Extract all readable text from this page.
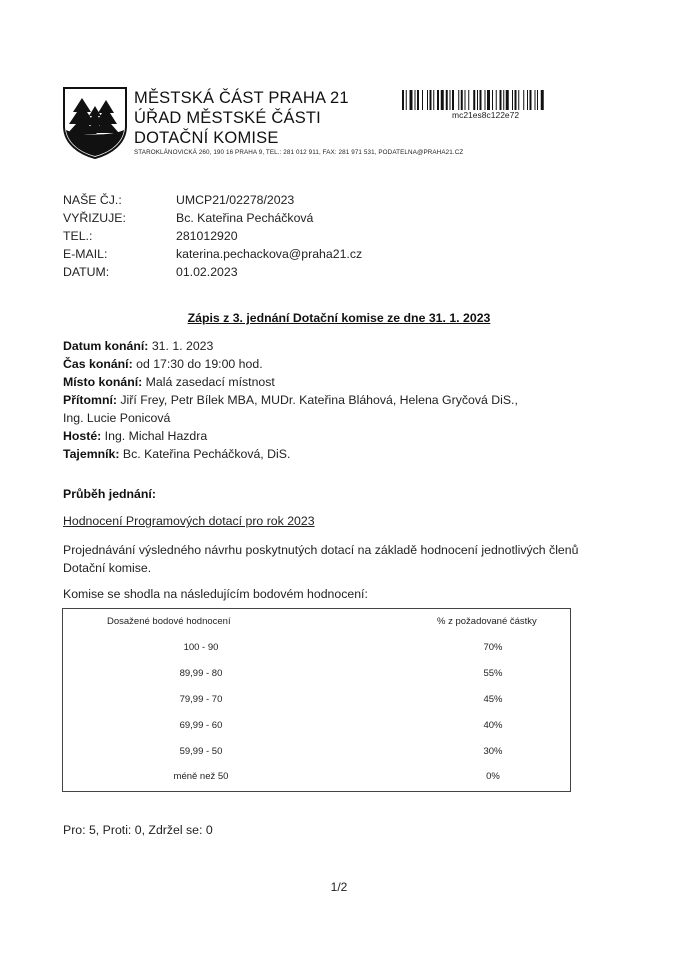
MĚSTSKÁ ČÁST PRAHA 21
ÚŘAD MĚSTSKÉ ČÁSTI
DOTAČNÍ KOMISE
STAROKLÁNOVICKÁ 260, 190 16 PRAHA 9, TEL.: 281 012 911, FAX: 281 971 531, PODATELNA@PRAHA21.CZ
mc21es8c122e72
NAŠE ČJ.:	UMCP21/02278/2023
VYŘIZUJE:	Bc. Kateřina Pecháčková
TEL.:	281012920
E-MAIL:	katerina.pechackova@praha21.cz
DATUM:	01.02.2023
Zápis z 3. jednání Dotační komise ze dne 31. 1. 2023
Datum konání: 31. 1. 2023
Čas konání: od 17:30 do 19:00 hod.
Místo konání: Malá zasedací místnost
Přítomní: Jiří Frey, Petr Bílek MBA, MUDr. Kateřina Bláhová, Helena Gryčová DiS.,
Ing. Lucie Ponicová
Hosté: Ing. Michal Hazdra
Tajemník: Bc. Kateřina Pecháčková, DiS.
Průběh jednání:
Hodnocení Programových dotací pro rok 2023
Projednávání výsledného návrhu poskytnutých dotací na základě hodnocení jednotlivých členů Dotační komise.
Komise se shodla na následujícím bodovém hodnocení:
Dosažené bodové hodnocení	% z požadované částky
100 - 90	70%
89,99 - 80	55%
79,99 - 70	45%
69,99 - 60	40%
59,99 - 50	30%
méně než 50	0%
Pro: 5, Proti: 0, Zdržel se: 0
1/2
